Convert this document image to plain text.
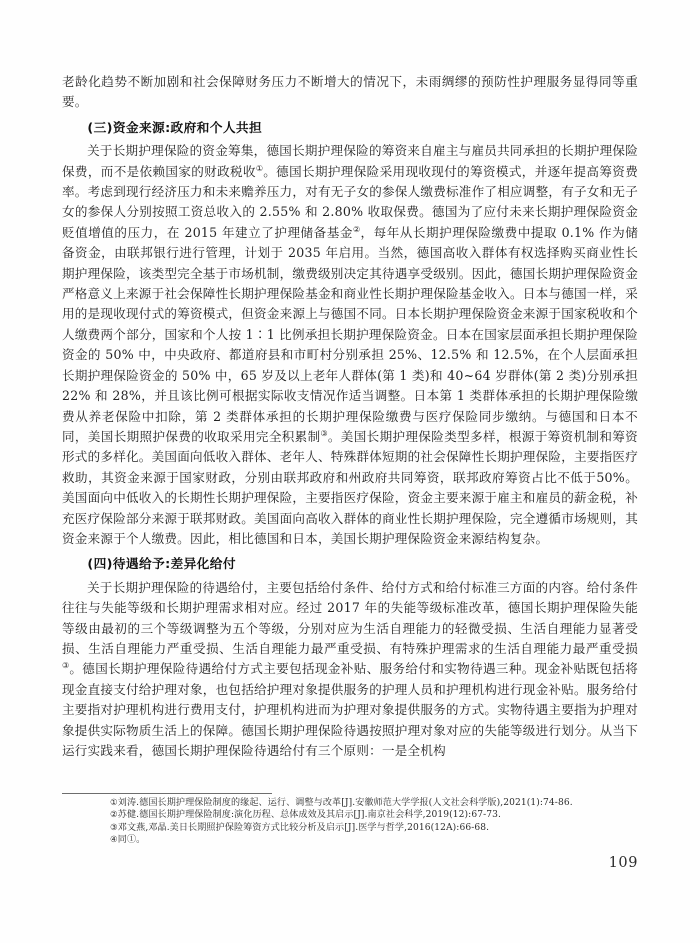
老龄化趋势不断加剧和社会保障财务压力不断增大的情况下，未雨绸缪的预防性护理服务显得同等重要。

(三)资金来源:政府和个人共担

关于长期护理保险的资金筹集，德国长期护理保险的筹资来自雇主与雇员共同承担的长期护理保险保费，而不是依赖国家的财政税收①。德国长期护理保险采用现收现付的筹资模式，并逐年提高筹资费率。考虑到现行经济压力和未来赡养压力，对有无子女的参保人缴费标准作了相应调整，有子女和无子女的参保人分别按照工资总收入的 2.55% 和 2.80% 收取保费。德国为了应付未来长期护理保险资金贬值增值的压力，在 2015 年建立了护理储备基金②，每年从长期护理保险缴费中提取 0.1% 作为储备资金，由联邦银行进行管理，计划于 2035 年启用。当然，德国高收入群体有权选择购买商业性长期护理保险，该类型完全基于市场机制，缴费级别决定其待遇享受级别。因此，德国长期护理保险资金严格意义上来源于社会保障性长期护理保险基金和商业性长期护理保险基金收入。日本与德国一样，采用的是现收现付式的筹资模式，但资金来源上与德国不同。日本长期护理保险资金来源于国家税收和个人缴费两个部分，国家和个人按 1∶1 比例承担长期护理保险资金。日本在国家层面承担长期护理保险资金的 50% 中，中央政府、都道府县和市町村分别承担 25%、12.5% 和 12.5%，在个人层面承担长期护理保险资金的 50% 中，65 岁及以上老年人群体(第 1 类)和 40~64 岁群体(第 2 类)分别承担 22% 和 28%，并且该比例可根据实际收支情况作适当调整。日本第 1 类群体承担的长期护理保险缴费从养老保险中扣除，第 2 类群体承担的长期护理保险缴费与医疗保险同步缴纳。与德国和日本不同，美国长期照护保费的收取采用完全积累制③。美国长期护理保险类型多样，根源于筹资机制和筹资形式的多样化。美国面向低收入群体、老年人、特殊群体短期的社会保障性长期护理保险，主要指医疗救助，其资金来源于国家财政，分别由联邦政府和州政府共同筹资，联邦政府筹资占比不低于50%。美国面向中低收入的长期性长期护理保险，主要指医疗保险，资金主要来源于雇主和雇员的薪金税，补充医疗保险部分来源于联邦财政。美国面向高收入群体的商业性长期护理保险，完全遵循市场规则，其资金来源于个人缴费。因此，相比德国和日本，美国长期护理保险资金来源结构复杂。

(四)待遇给予:差异化给付

关于长期护理保险的待遇给付，主要包括给付条件、给付方式和给付标准三方面的内容。给付条件往往与失能等级和长期护理需求相对应。经过 2017 年的失能等级标准改革，德国长期护理保险失能等级由最初的三个等级调整为五个等级，分别对应为生活自理能力的轻微受损、生活自理能力显著受损、生活自理能力严重受损、生活自理能力最严重受损、有特殊护理需求的生活自理能力最严重受损③。德国长期护理保险待遇给付方式主要包括现金补贴、服务给付和实物待遇三种。现金补贴既包括将现金直接支付给护理对象，也包括给护理对象提供服务的护理人员和护理机构进行现金补贴。服务给付主要指对护理机构进行费用支付，护理机构进而为护理对象提供服务的方式。实物待遇主要指为护理对象提供实际物质生活上的保障。德国长期护理保险待遇按照护理对象对应的失能等级进行划分。从当下运行实践来看，德国长期护理保险待遇给付有三个原则：一是全机构

①刘涛.德国长期护理保险制度的缘起、运行、调整与改革[J].安徽师范大学学报(人文社会科学版),2021(1):74-86.
②苏健.德国长期护理保险制度:演化历程、总体成效及其启示[J].南京社会科学,2019(12):67-73.
③邓文燕,邓晶.美日长期照护保险筹资方式比较分析及启示[J].医学与哲学,2016(12A):66-68.
④同①。
109
